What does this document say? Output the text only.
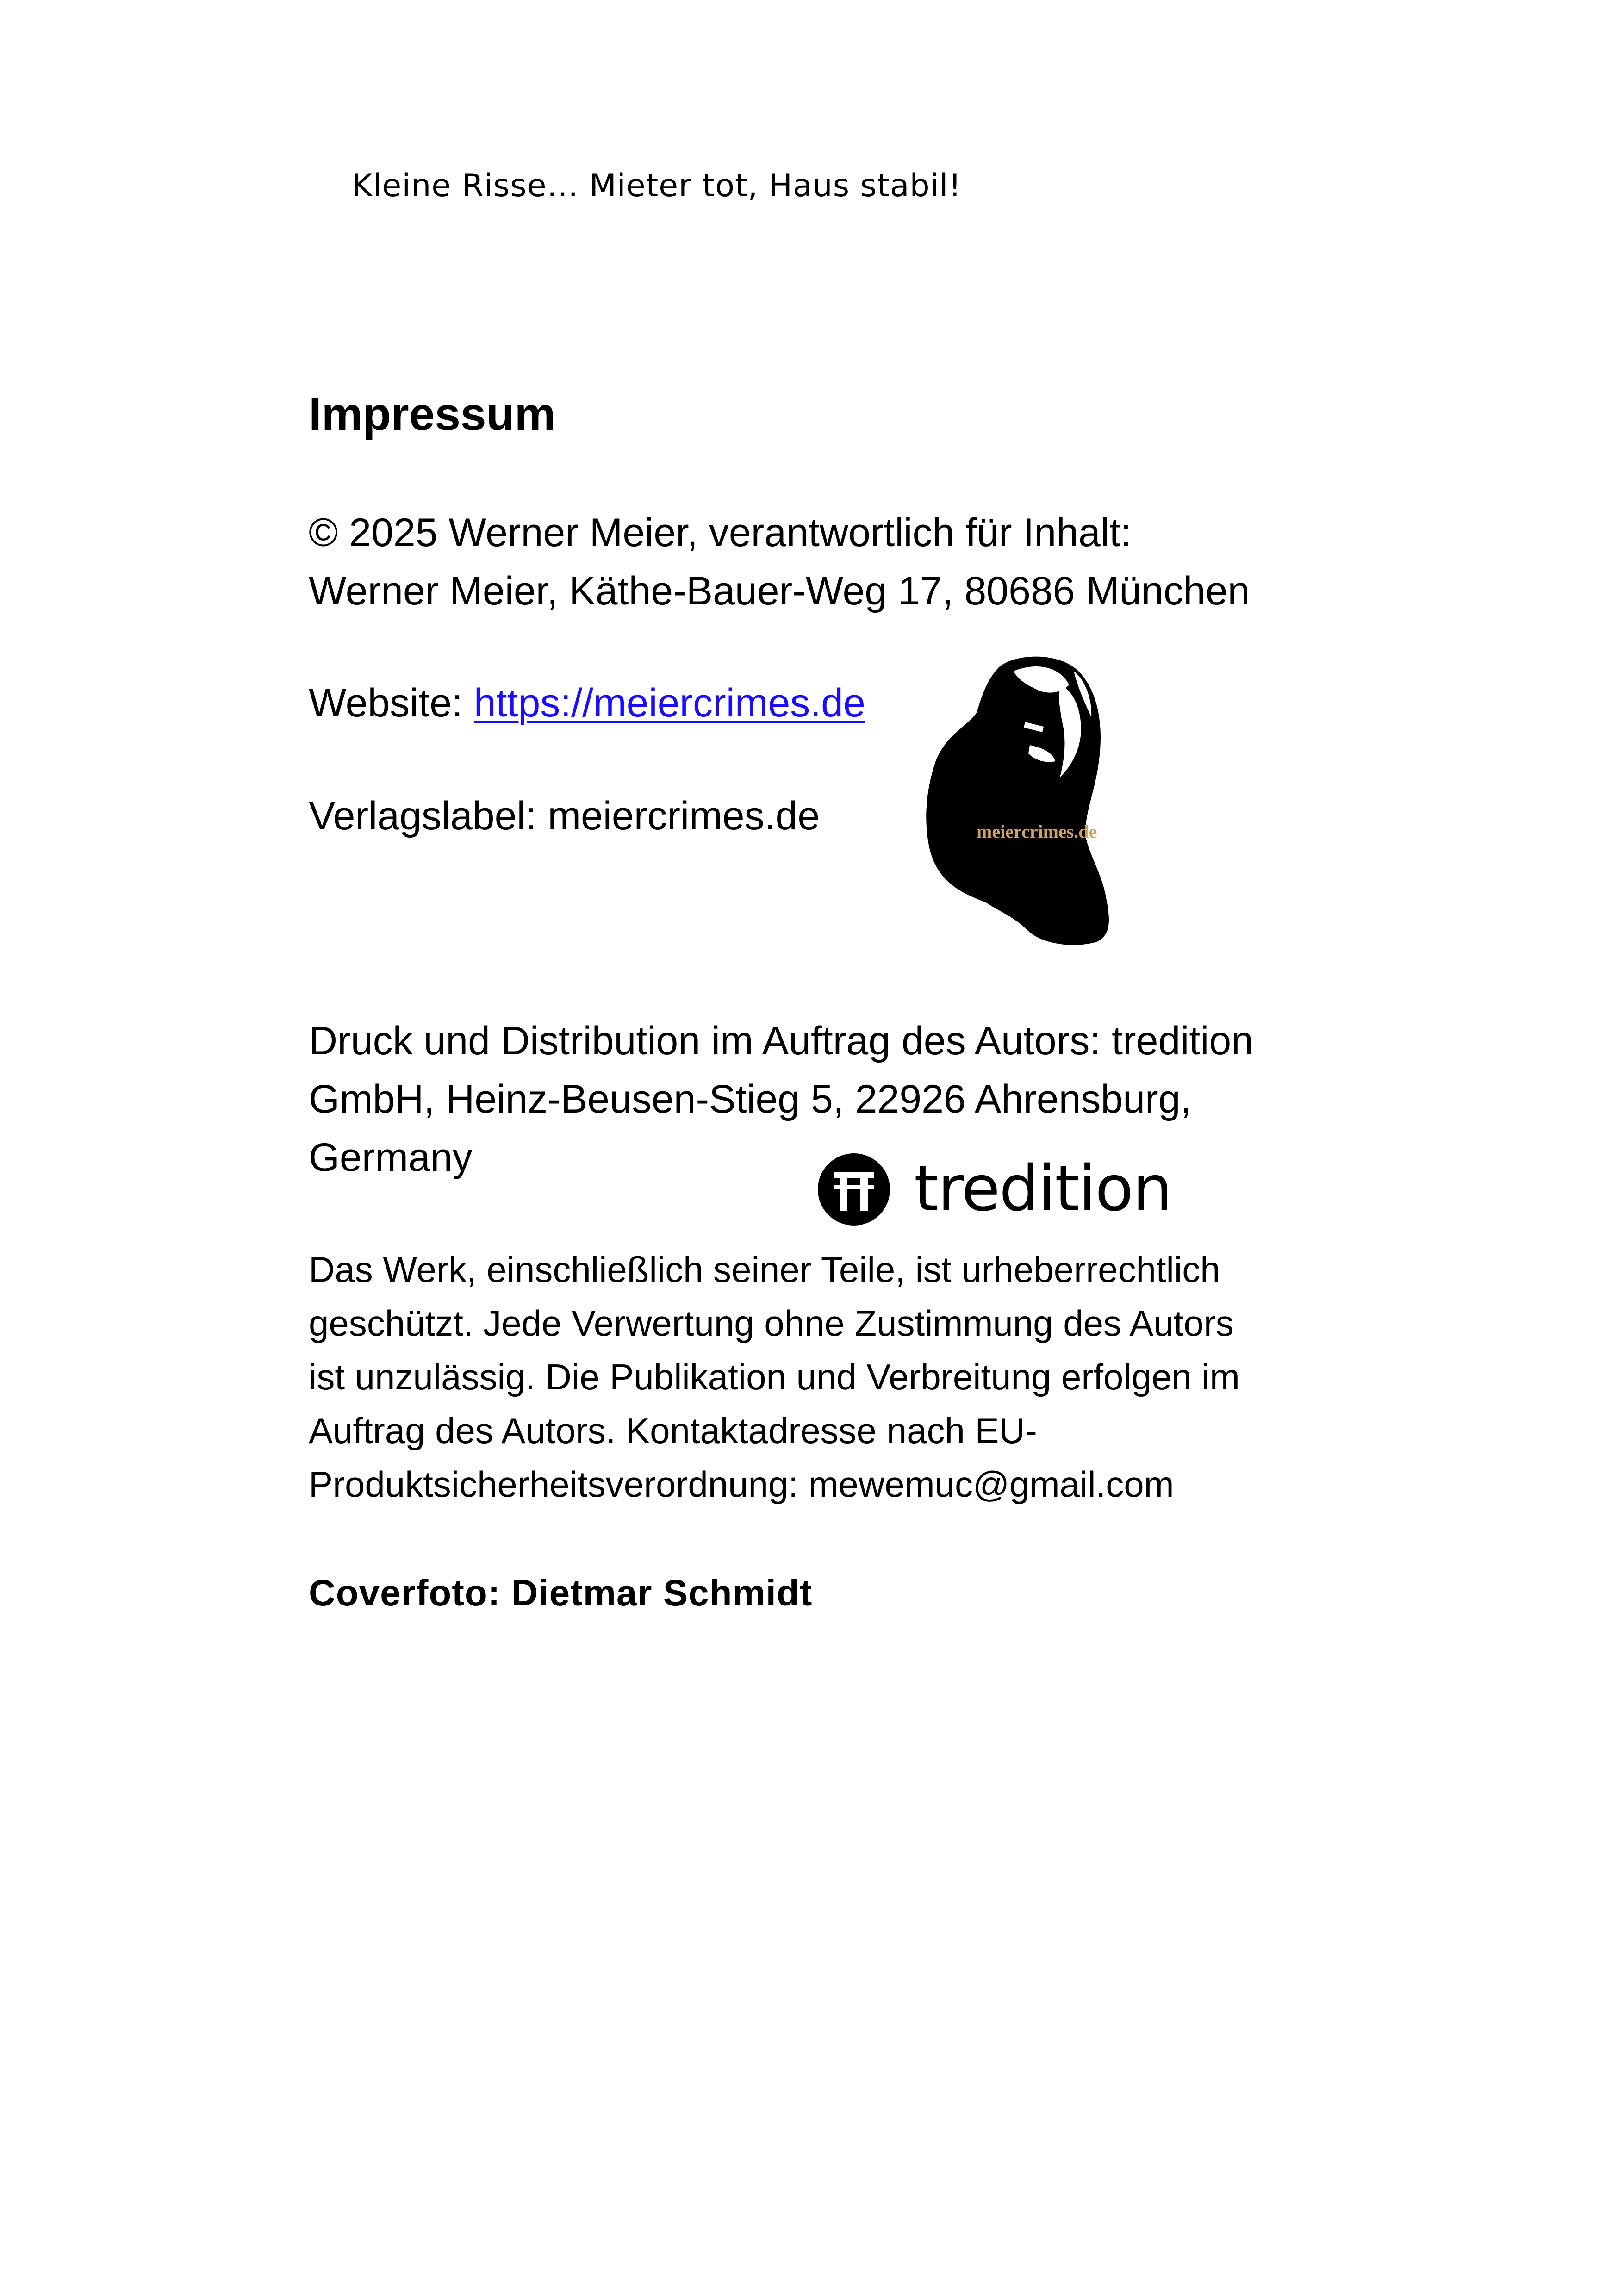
Kleine Risse… Mieter tot, Haus stabil!

Impressum

© 2025 Werner Meier, verantwortlich für Inhalt:

Werner Meier, Käthe-Bauer-Weg 17, 80686 München

Website: https://meiercrimes.de

Verlagslabel: meiercrimes.de	meiercrimes.de

Druck und Distribution im Auftrag des Autors: tredition

GmbH, Heinz-Beusen-Stieg 5, 22926 Ahrensburg,

Germany	tredition

Das Werk, einschließlich seiner Teile, ist urheberrechtlich

geschützt. Jede Verwertung ohne Zustimmung des Autors

ist unzulässig. Die Publikation und Verbreitung erfolgen im

Auftrag des Autors. Kontaktadresse nach EU-

Produktsicherheitsverordnung: mewemuc@gmail.com

Coverfoto: Dietmar Schmidt
